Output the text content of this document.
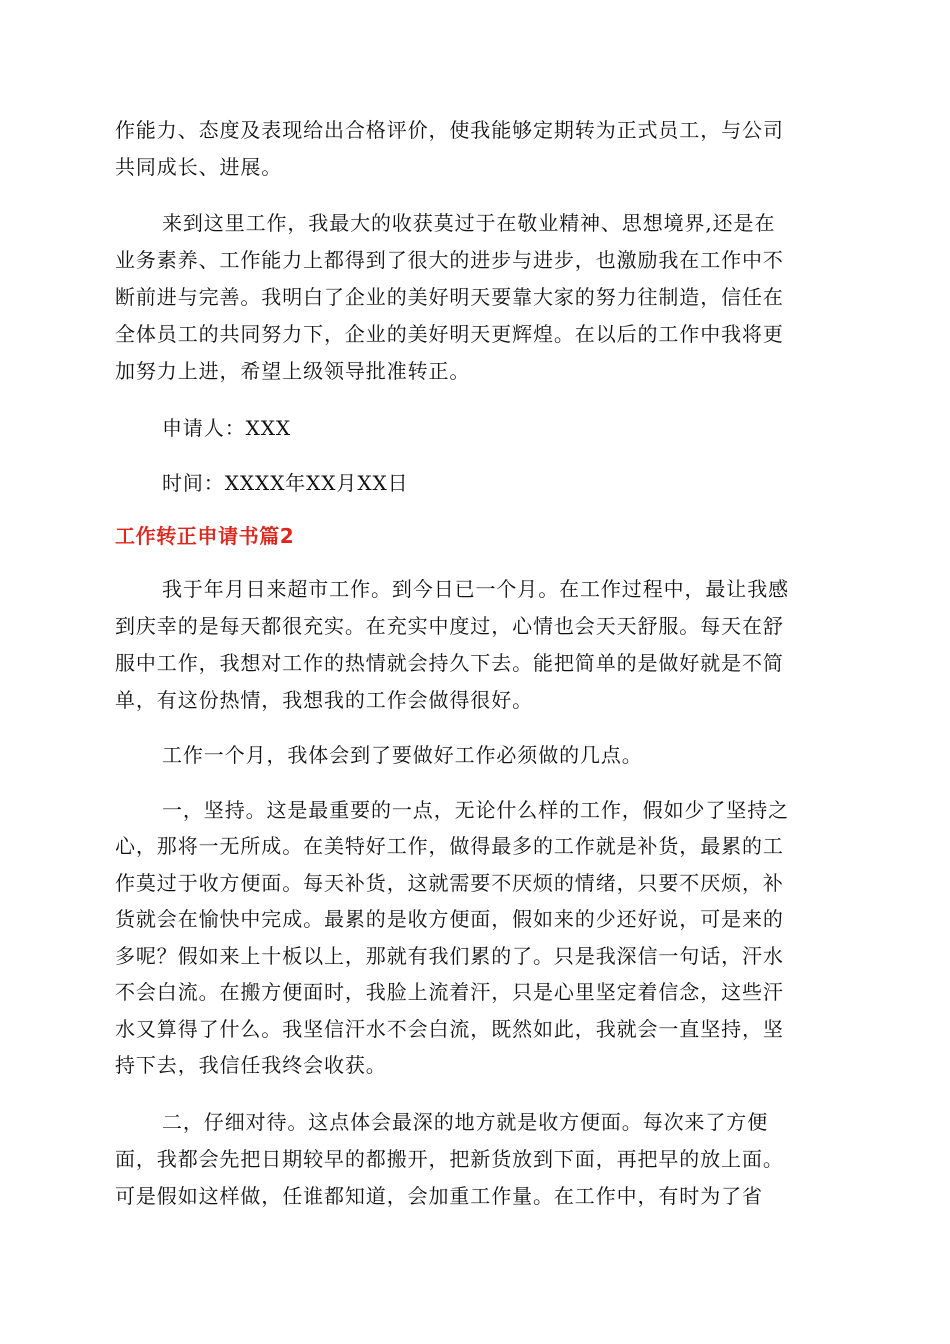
作能力、态度及表现给出合格评价，使我能够定期转为正式员工，与公司
共同成长、进展。
来到这里工作，我最大的收获莫过于在敬业精神、思想境界,还是在
业务素养、工作能力上都得到了很大的进步与进步，也激励我在工作中不
断前进与完善。我明白了企业的美好明天要靠大家的努力往制造，信任在
全体员工的共同努力下，企业的美好明天更辉煌。在以后的工作中我将更
加努力上进，希望上级领导批准转正。
申请人：XXX
时间：XXXX年XX月XX日
工作转正申请书篇2
我于年月日来超市工作。到今日已一个月。在工作过程中，最让我感
到庆幸的是每天都很充实。在充实中度过，心情也会天天舒服。每天在舒
服中工作，我想对工作的热情就会持久下去。能把简单的是做好就是不简
单，有这份热情，我想我的工作会做得很好。
工作一个月，我体会到了要做好工作必须做的几点。
一，坚持。这是最重要的一点，无论什么样的工作，假如少了坚持之
心，那将一无所成。在美特好工作，做得最多的工作就是补货，最累的工
作莫过于收方便面。每天补货，这就需要不厌烦的情绪，只要不厌烦，补
货就会在愉快中完成。最累的是收方便面，假如来的少还好说，可是来的
多呢？假如来上十板以上，那就有我们累的了。只是我深信一句话，汗水
不会白流。在搬方便面时，我脸上流着汗，只是心里坚定着信念，这些汗
水又算得了什么。我坚信汗水不会白流，既然如此，我就会一直坚持，坚
持下去，我信任我终会收获。
二，仔细对待。这点体会最深的地方就是收方便面。每次来了方便
面，我都会先把日期较早的都搬开，把新货放到下面，再把早的放上面。
可是假如这样做，任谁都知道，会加重工作量。在工作中，有时为了省
